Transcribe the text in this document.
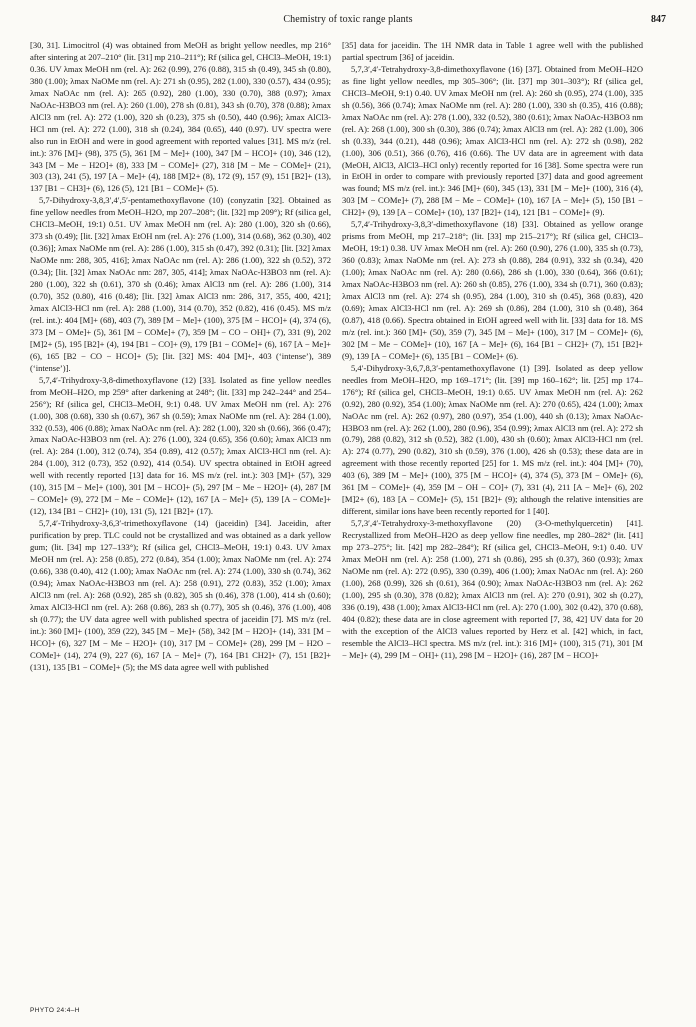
Chemistry of toxic range plants	847

[30, 31]. Limocitrol (4) was obtained from MeOH as bright yellow needles, mp 216° after sintering at 207–210° (lit. [31] mp 210–211°); Rf (silica gel, CHCl3–MeOH, 19:1) 0.36. UV λmax MeOH nm (rel. A): 262 (0.99), 276 (0.88), 315 sh (0.49), 345 sh (0.80), 380 (1.00); λmax NaOMe nm (rel. A): 271 sh (0.95), 282 (1.00), 330 (0.57), 434 (0.95); λmax NaOAc nm (rel. A): 265 (0.92), 280 (1.00), 330 (0.70), 388 (0.97); λmax NaOAc-H3BO3 nm (rel. A): 260 (1.00), 278 sh (0.81), 343 sh (0.70), 378 (0.88); λmax AlCl3 nm (rel. A): 272 (1.00), 320 sh (0.23), 375 sh (0.50), 440 (0.96); λmax AlCl3-HCl nm (rel. A): 272 (1.00), 318 sh (0.24), 384 (0.65), 440 (0.97). UV spectra were also run in EtOH and were in good agreement with reported values [31]. MS m/z (rel. int.): 376 [M]+ (98), 375 (5), 361 [M − Me]+ (100), 347 [M − HCO]+ (10), 346 (12), 343 [M − Me − H2O]+ (8), 333 [M − COMe]+ (27), 318 [M − Me − COMe]+ (21), 303 (13), 241 (5), 197 [A − Me]+ (4), 188 [M]2+ (8), 172 (9), 157 (9), 151 [B2]+ (13), 137 [B1 − CH3]+ (6), 126 (5), 121 [B1 − COMe]+ (5).

5,7-Dihydroxy-3,8,3′,4′,5′-pentamethoxyflavone (10) (conyzatin [32]. Obtained as fine yellow needles from MeOH–H2O, mp 207–208°; (lit. [32] mp 209°); Rf (silica gel, CHCl3–MeOH, 19:1) 0.51. UV λmax MeOH nm (rel. A): 280 (1.00), 320 sh (0.66), 373 sh (0.49); [lit. [32] λmax EtOH nm (rel. A): 276 (1.00), 314 (0.68), 362 (0.30), 402 (0.36)]; λmax NaOMe nm (rel. A): 286 (1.00), 315 sh (0.47), 392 (0.31); [lit. [32] λmax NaOMe nm: 288, 305, 416]; λmax NaOAc nm (rel. A): 286 (1.00), 322 sh (0.52), 372 (0.34); [lit. [32] λmax NaOAc nm: 287, 305, 414]; λmax NaOAc-H3BO3 nm (rel. A): 280 (1.00), 322 sh (0.61), 370 sh (0.46); λmax AlCl3 nm (rel. A): 286 (1.00), 314 (0.70), 352 (0.80), 416 (0.48); [lit. [32] λmax AlCl3 nm: 286, 317, 355, 400, 421]; λmax AlCl3-HCl nm (rel. A): 288 (1.00), 314 (0.70), 352 (0.82), 416 (0.45). MS m/z (rel. int.): 404 [M]+ (68), 403 (7), 389 [M − Me]+ (100), 375 [M − HCO]+ (4), 374 (6), 373 [M − OMe]+ (5), 361 [M − COMe]+ (7), 359 [M − CO − OH]+ (7), 331 (9), 202 [M]2+ (5), 195 [B2]+ (4), 194 [B1 − CO]+ (9), 179 [B1 − COMe]+ (6), 167 [A − Me]+ (6), 165 [B2 − CO − HCO]+ (5); [lit. [32] MS: 404 [M]+, 403 (‘intense’), 389 (‘intense’)].

5,7,4′-Trihydroxy-3,8-dimethoxyflavone (12) [33]. Isolated as fine yellow needles from MeOH–H2O, mp 259° after darkening at 248°; (lit. [33] mp 242–244° and 254–256°); Rf (silica gel, CHCl3–MeOH, 9:1) 0.48. UV λmax MeOH nm (rel. A): 276 (1.00), 308 (0.68), 330 sh (0.67), 367 sh (0.59); λmax NaOMe nm (rel. A): 284 (1.00), 332 (0.53), 406 (0.88); λmax NaOAc nm (rel. A): 282 (1.00), 320 sh (0.66), 366 (0.47); λmax NaOAc-H3BO3 nm (rel. A): 276 (1.00), 324 (0.65), 356 (0.60); λmax AlCl3 nm (rel. A): 284 (1.00), 312 (0.74), 354 (0.89), 412 (0.57); λmax AlCl3-HCl nm (rel. A): 284 (1.00), 312 (0.73), 352 (0.92), 414 (0.54). UV spectra obtained in EtOH agreed well with recently reported [13] data for 16. MS m/z (rel. int.): 303 [M]+ (57), 329 (10), 315 [M − Me]+ (100), 301 [M − HCO]+ (5), 297 [M − Me − H2O]+ (4), 287 [M − COMe]+ (9), 272 [M − Me − COMe]+ (12), 167 [A − Me]+ (5), 139 [A − COMe]+ (12), 134 [B1 − CH2]+ (10), 131 (5), 121 [B2]+ (17).

5,7,4′-Trihydroxy-3,6,3′-trimethoxyflavone (14) (jaceidin) [34]. Jaceidin, after purification by prep. TLC could not be crystallized and was obtained as a dark yellow gum; (lit. [34] mp 127–133°); Rf (silica gel, CHCl3–MeOH, 19:1) 0.43. UV λmax MeOH nm (rel. A): 258 (0.85), 272 (0.84), 354 (1.00); λmax NaOMe nm (rel. A): 274 (0.66), 338 (0.40), 412 (1.00); λmax NaOAc nm (rel. A): 274 (1.00), 330 sh (0.74), 362 (0.94); λmax NaOAc-H3BO3 nm (rel. A): 258 (0.91), 272 (0.83), 352 (1.00); λmax AlCl3 nm (rel. A): 268 (0.92), 285 sh (0.82), 305 sh (0.46), 378 (1.00), 414 sh (0.60); λmax AlCl3-HCl nm (rel. A): 268 (0.86), 283 sh (0.77), 305 sh (0.46), 376 (1.00), 408 sh (0.77); the UV data agree well with published spectra of jaceidin [7]. MS m/z (rel. int.): 360 [M]+ (100), 359 (22), 345 [M − Me]+ (58), 342 [M − H2O]+ (14), 331 [M − HCO]+ (6), 327 [M − Me − H2O]+ (10), 317 [M − COMe]+ (28), 299 [M − H2O − COMe]+ (14), 274 (9), 227 (6), 167 [A − Me]+ (7), 164 [B1 CH2]+ (7), 151 [B2]+ (131), 135 [B1 − COMe]+ (5); the MS data agree well with published

[35] data for jaceidin. The 1H NMR data in Table 1 agree well with the published partial spectrum [36] of jaceidin.

5,7,3′,4′-Tetrahydroxy-3,8-dimethoxyflavone (16) [37]. Obtained from MeOH–H2O as fine light yellow needles, mp 305–306°; (lit. [37] mp 301–303°); Rf (silica gel, CHCl3–MeOH, 9:1) 0.40. UV λmax MeOH nm (rel. A): 260 sh (0.95), 274 (1.00), 335 sh (0.56), 366 (0.74); λmax NaOMe nm (rel. A): 280 (1.00), 330 sh (0.35), 416 (0.88); λmax NaOAc nm (rel. A): 278 (1.00), 332 (0.52), 380 (0.61); λmax NaOAc-H3BO3 nm (rel. A): 268 (1.00), 300 sh (0.30), 386 (0.74); λmax AlCl3 nm (rel. A): 282 (1.00), 306 sh (0.33), 344 (0.21), 448 (0.96); λmax AlCl3-HCl nm (rel. A): 272 sh (0.98), 282 (1.00), 306 (0.51), 366 (0.76), 416 (0.66). The UV data are in agreement with data (MeOH, AlCl3, AlCl3–HCl only) recently reported for 16 [38]. Some spectra were run in EtOH in order to compare with previously reported [37] data and good agreement was found; MS m/z (rel. int.): 346 [M]+ (60), 345 (13), 331 [M − Me]+ (100), 316 (4), 303 [M − COMe]+ (7), 288 [M − Me − COMe]+ (10), 167 [A − Me]+ (5), 150 [B1 − CH2]+ (9), 139 [A − COMe]+ (10), 137 [B2]+ (14), 121 [B1 − COMe]+ (9).

5,7,4′-Trihydroxy-3,8,3′-dimethoxyflavone (18) [33]. Obtained as yellow orange prisms from MeOH, mp 217–218°; (lit. [33] mp 215–217°); Rf (silica gel, CHCl3–MeOH, 19:1) 0.38. UV λmax MeOH nm (rel. A): 260 (0.90), 276 (1.00), 335 sh (0.73), 360 (0.83); λmax NaOMe nm (rel. A): 273 sh (0.88), 284 (0.91), 332 sh (0.34), 420 (1.00); λmax NaOAc nm (rel. A): 280 (0.66), 286 sh (1.00), 330 (0.64), 366 (0.61); λmax NaOAc-H3BO3 nm (rel. A): 260 sh (0.85), 276 (1.00), 334 sh (0.71), 360 (0.83); λmax AlCl3 nm (rel. A): 274 sh (0.95), 284 (1.00), 310 sh (0.45), 368 (0.83), 420 (0.69); λmax AlCl3-HCl nm (rel. A): 269 sh (0.86), 284 (1.00), 310 sh (0.48), 364 (0.87), 418 (0.66). Spectra obtained in EtOH agreed well with lit. [33] data for 18. MS m/z (rel. int.): 360 [M]+ (50), 359 (7), 345 [M − Me]+ (100), 317 [M − COMe]+ (6), 302 [M − Me − COMe]+ (10), 167 [A − Me]+ (6), 164 [B1 − CH2]+ (7), 151 [B2]+ (9), 139 [A − COMe]+ (6), 135 [B1 − COMe]+ (6).

5,4′-Dihydroxy-3,6,7,8,3′-pentamethoxyflavone (1) [39]. Isolated as deep yellow needles from MeOH–H2O, mp 169–171°; (lit. [39] mp 160–162°; lit. [25] mp 174–176°); Rf (silica gel, CHCl3–MeOH, 19:1) 0.65. UV λmax MeOH nm (rel. A): 262 (0.92), 280 (0.92), 354 (1.00); λmax NaOMe nm (rel. A): 270 (0.65), 424 (1.00); λmax NaOAc nm (rel. A): 262 (0.97), 280 (0.97), 354 (1.00), 440 sh (0.13); λmax NaOAc-H3BO3 nm (rel. A): 262 (1.00), 280 (0.96), 354 (0.99); λmax AlCl3 nm (rel. A): 272 sh (0.79), 288 (0.82), 312 sh (0.52), 382 (1.00), 430 sh (0.60); λmax AlCl3-HCl nm (rel. A): 274 (0.77), 290 (0.82), 310 sh (0.59), 376 (1.00), 426 sh (0.53); these data are in agreement with those recently reported [25] for 1. MS m/z (rel. int.): 404 [M]+ (70), 403 (6), 389 [M − Me]+ (100), 375 [M − HCO]+ (4), 374 (5), 373 [M − OMe]+ (6), 361 [M − COMe]+ (4), 359 [M − OH − CO]+ (7), 331 (4), 211 [A − Me]+ (6), 202 [M]2+ (6), 183 [A − COMe]+ (5), 151 [B2]+ (9); although the relative intensities are different, similar ions have been recently reported for 1 [40].

5,7,3′,4′-Tetrahydroxy-3-methoxyflavone (20) (3-O-methylquercetin) [41]. Recrystallized from MeOH–H2O as deep yellow fine needles, mp 280–282° (lit. [41] mp 273–275°; lit. [42] mp 282–284°); Rf (silica gel, CHCl3–MeOH, 9:1) 0.40. UV λmax MeOH nm (rel. A): 258 (1.00), 271 sh (0.86), 295 sh (0.37), 360 (0.93); λmax NaOMe nm (rel. A): 272 (0.95), 330 (0.39), 406 (1.00); λmax NaOAc nm (rel. A): 260 (1.00), 268 (0.99), 326 sh (0.61), 364 (0.90); λmax NaOAc-H3BO3 nm (rel. A): 262 (1.00), 295 sh (0.30), 378 (0.82); λmax AlCl3 nm (rel. A): 270 (0.91), 302 sh (0.27), 336 (0.19), 438 (1.00); λmax AlCl3-HCl nm (rel. A): 270 (1.00), 302 (0.42), 370 (0.68), 404 (0.82); these data are in close agreement with reported [7, 38, 42] UV data for 20 with the exception of the AlCl3 values reported by Herz et al. [42] which, in fact, resemble the AlCl3–HCl spectra. MS m/z (rel. int.): 316 [M]+ (100), 315 (71), 301 [M − Me]+ (4), 299 [M − OH]+ (11), 298 [M − H2O]+ (16), 287 [M − HCO]+

PHYTO 24:4–H
